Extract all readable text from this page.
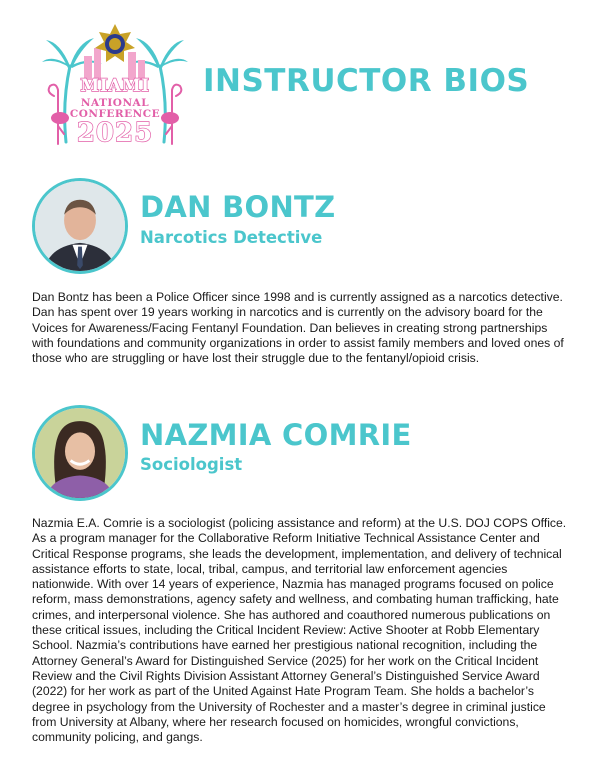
MIAMI
NATIONAL CONFERENCE
2025
INSTRUCTOR BIOS
DAN BONTZ
Narcotics Detective

Dan Bontz has been a Police Officer since 1998 and is currently assigned as a narcotics detective. Dan has spent over 19 years working in narcotics and is currently on the advisory board for the Voices for Awareness/Facing Fentanyl Foundation. Dan believes in creating strong partnerships with foundations and community organizations in order to assist family members and loved ones of those who are struggling or have lost their struggle due to the fentanyl/opioid crisis.

NAZMIA COMRIE
Sociologist

Nazmia E.A. Comrie is a sociologist (policing assistance and reform) at the U.S. DOJ COPS Office. As a program manager for the Collaborative Reform Initiative Technical Assistance Center and Critical Response programs, she leads the development, implementation, and delivery of technical assistance efforts to state, local, tribal, campus, and territorial law enforcement agencies nationwide. With over 14 years of experience, Nazmia has managed programs focused on police reform, mass demonstrations, agency safety and wellness, and combating human trafficking, hate crimes, and interpersonal violence. She has authored and coauthored numerous publications on these critical issues, including the Critical Incident Review: Active Shooter at Robb Elementary School. Nazmia’s contributions have earned her prestigious national recognition, including the Attorney General’s Award for Distinguished Service (2025) for her work on the Critical Incident Review and the Civil Rights Division Assistant Attorney General’s Distinguished Service Award (2022) for her work as part of the United Against Hate Program Team. She holds a bachelor’s degree in psychology from the University of Rochester and a master’s degree in criminal justice from University at Albany, where her research focused on homicides, wrongful convictions, community policing, and gangs.
